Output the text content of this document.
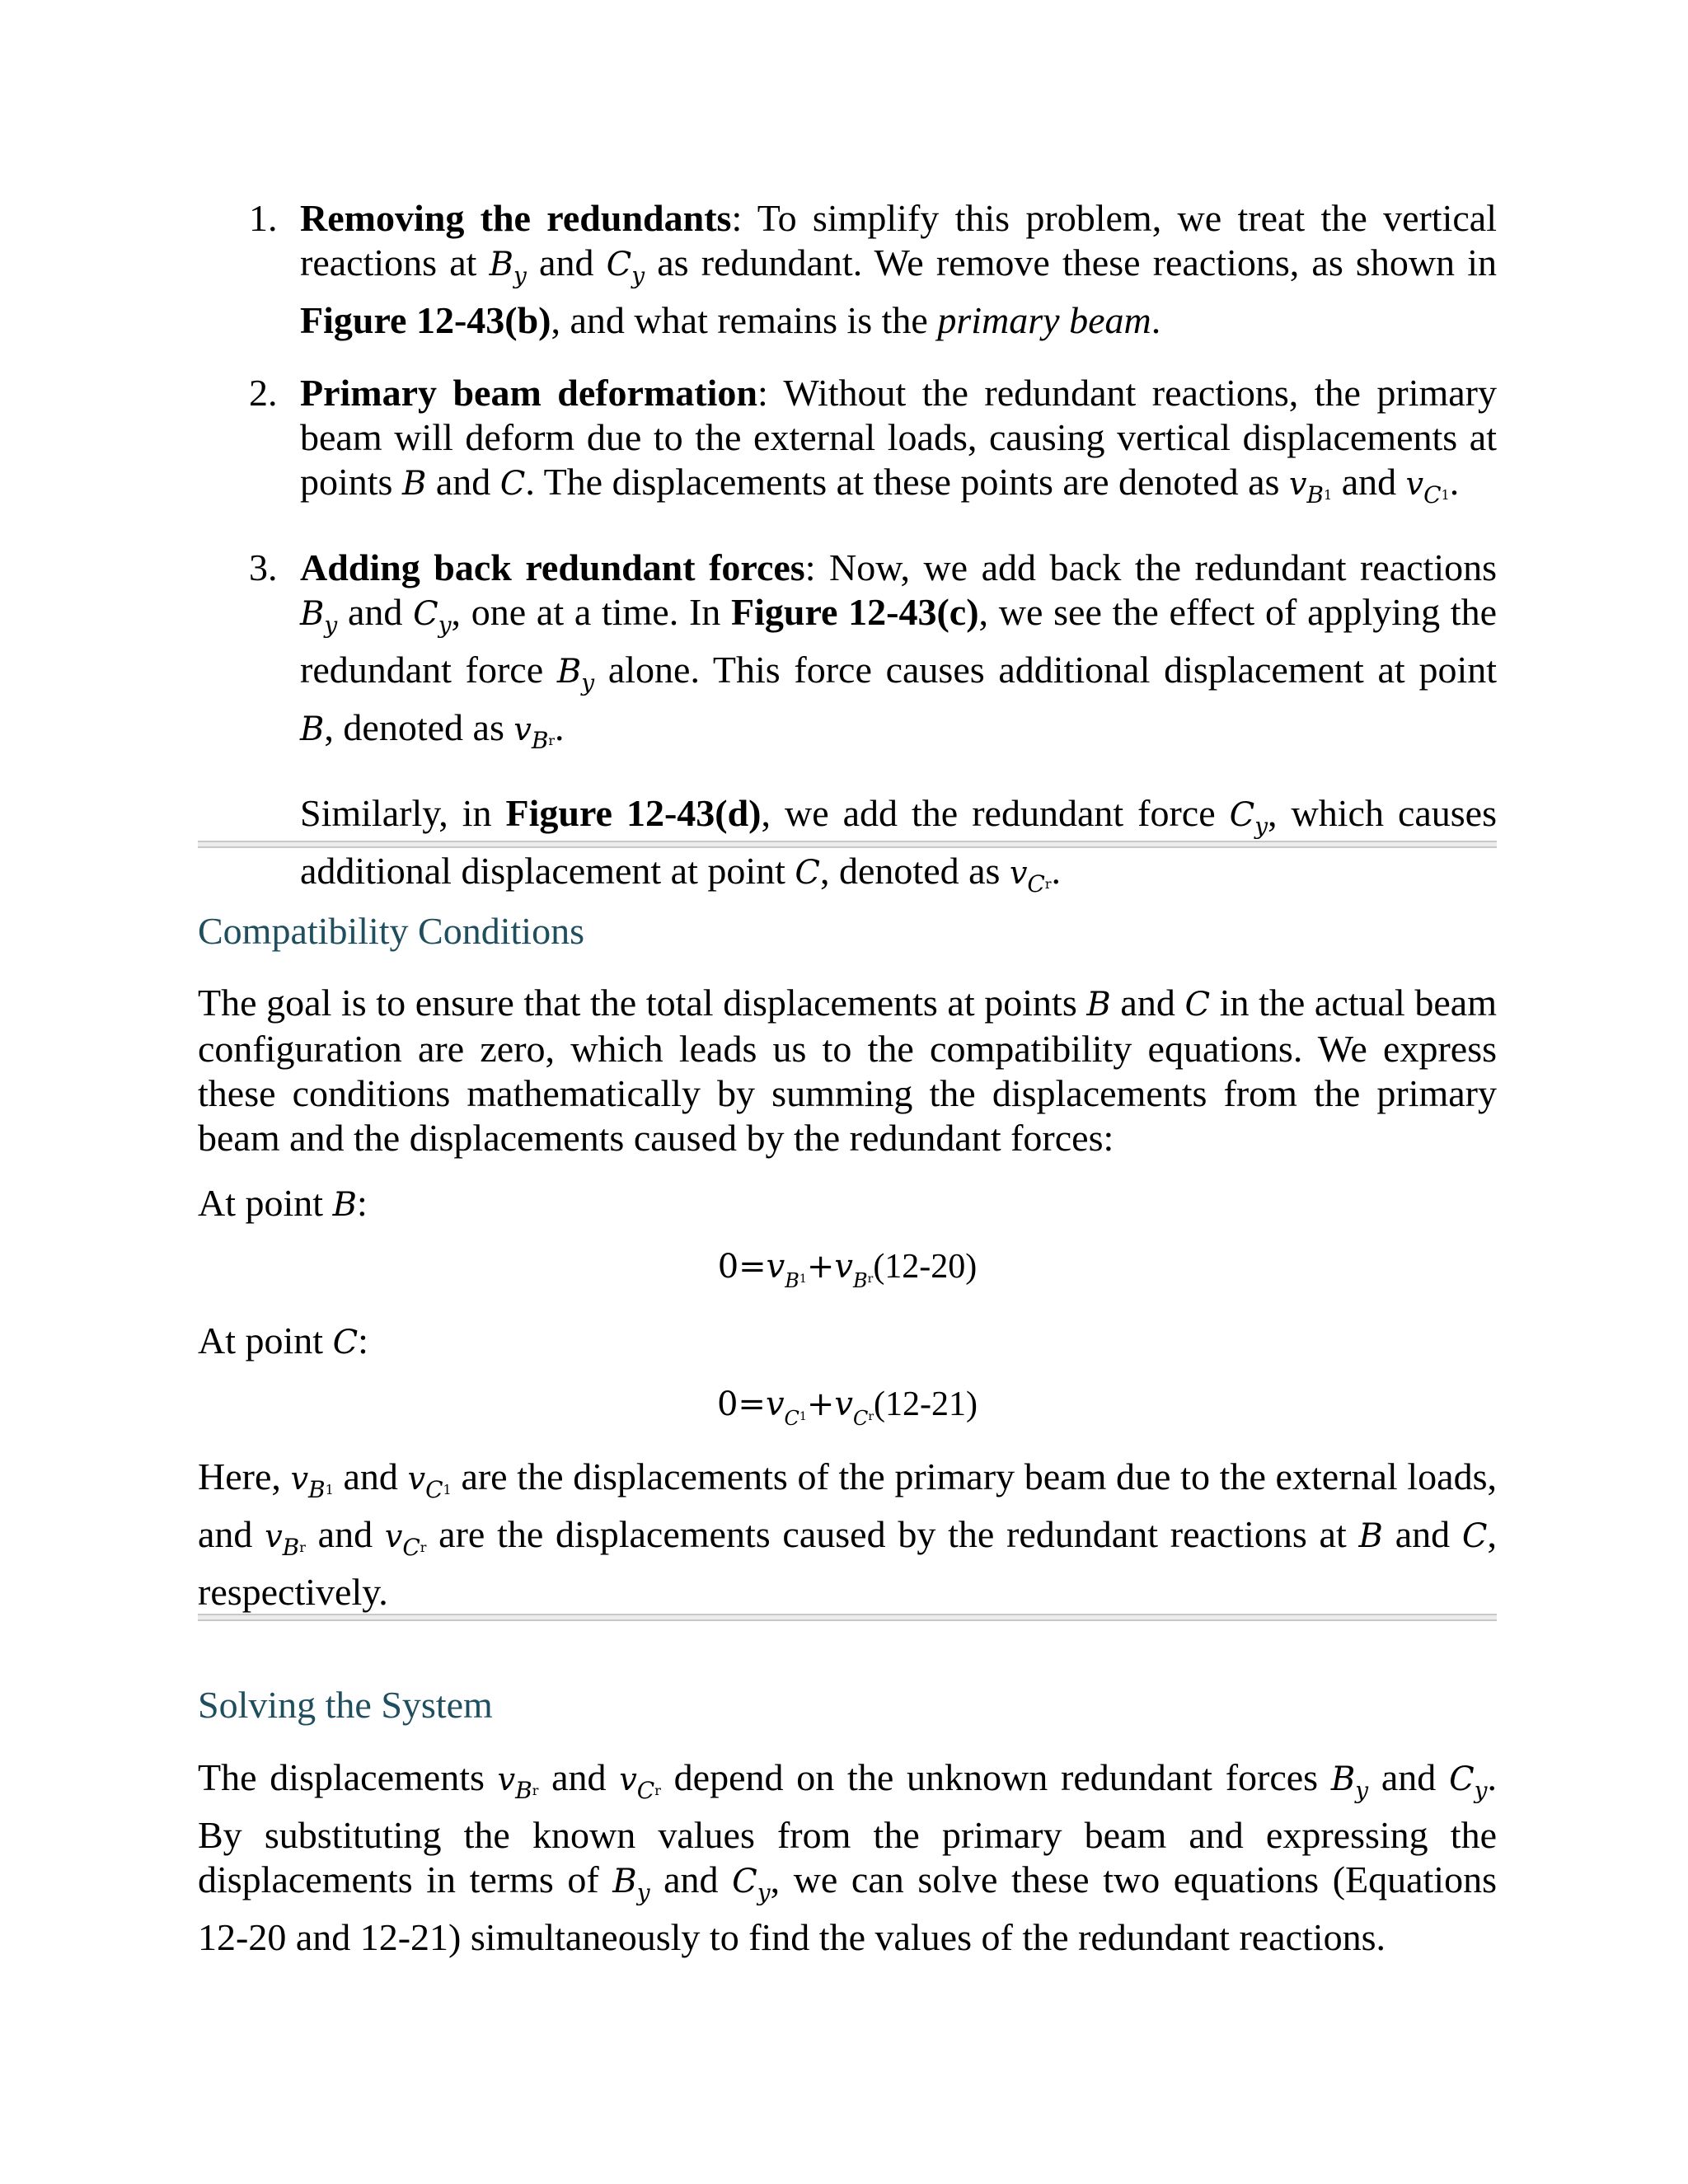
1. Removing the redundants: To simplify this problem, we treat the vertical reactions at $B_y$ and $C_y$ as redundant. We remove these reactions, as shown in Figure 12-43(b), and what remains is the primary beam.

2. Primary beam deformation: Without the redundant reactions, the primary beam will deform due to the external loads, causing vertical displacements at points B and C. The displacements at these points are denoted as $v_B1$ and $v_C1$.

3. Adding back redundant forces: Now, we add back the redundant reactions $B_y$ and $C_y$, one at a time. In Figure 12-43(c), we see the effect of applying the redundant force $B_y$ alone. This force causes additional displacement at point B, denoted as $v_Br$.

Similarly, in Figure 12-43(d), we add the redundant force $C_y$, which causes additional displacement at point C, denoted as $v_Cr$.

Compatibility Conditions

The goal is to ensure that the total displacements at points B and C in the actual beam configuration are zero, which leads us to the compatibility equations. We express these conditions mathematically by summing the displacements from the primary beam and the displacements caused by the redundant forces:

At point B:

$0=v_B1+v_Br(12-20)$

At point C:

$0=v_C1+v_Cr(12-21)$

Here, $v_B1$ and $v_C1$ are the displacements of the primary beam due to the external loads, and $v_Br$ and $v_Cr$ are the displacements caused by the redundant reactions at B and C, respectively.

Solving the System

The displacements $v_Br$ and $v_Cr$ depend on the unknown redundant forces $B_y$ and $C_y$. By substituting the known values from the primary beam and expressing the displacements in terms of $B_y$ and $C_y$, we can solve these two equations (Equations 12-20 and 12-21) simultaneously to find the values of the redundant reactions.
